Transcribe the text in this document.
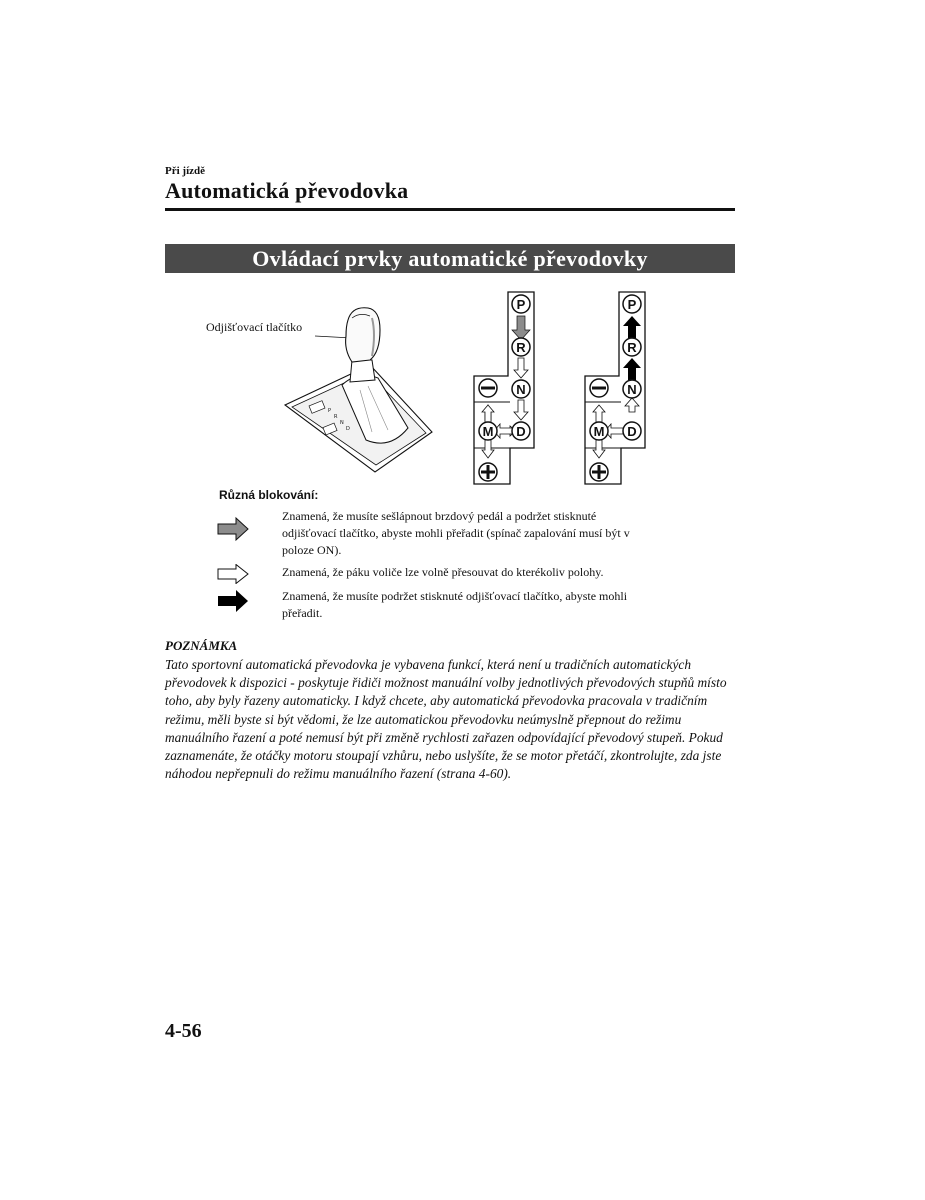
Při jízdě
Automatická převodovka
Ovládací prvky automatické převodovky
Odjišťovací tlačítko
P
R
N
D
P
R
N
D
M
P
R
N
D
M
Různá blokování:
Znamená, že musíte sešlápnout brzdový pedál a podržet stisknuté odjišťovací tlačítko, abyste mohli přeřadit (spínač zapalování musí být v poloze ON).
Znamená, že páku voliče lze volně přesouvat do kterékoliv polohy.
Znamená, že musíte podržet stisknuté odjišťovací tlačítko, abyste mohli přeřadit.
POZNÁMKA
Tato sportovní automatická převodovka je vybavena funkcí, která není u tradičních automatických převodovek k dispozici - poskytuje řidiči možnost manuální volby jednotlivých převodových stupňů místo toho, aby byly řazeny automaticky. I když chcete, aby automatická převodovka pracovala v tradičním režimu, měli byste si být vědomi, že lze automatickou převodovku neúmyslně přepnout do režimu manuálního řazení a poté nemusí být při změně rychlosti zařazen odpovídající převodový stupeň. Pokud zaznamenáte, že otáčky motoru stoupají vzhůru, nebo uslyšíte, že se motor přetáčí, zkontrolujte, zda jste náhodou nepřepnuli do režimu manuálního řazení (strana 4-60).
4-56
